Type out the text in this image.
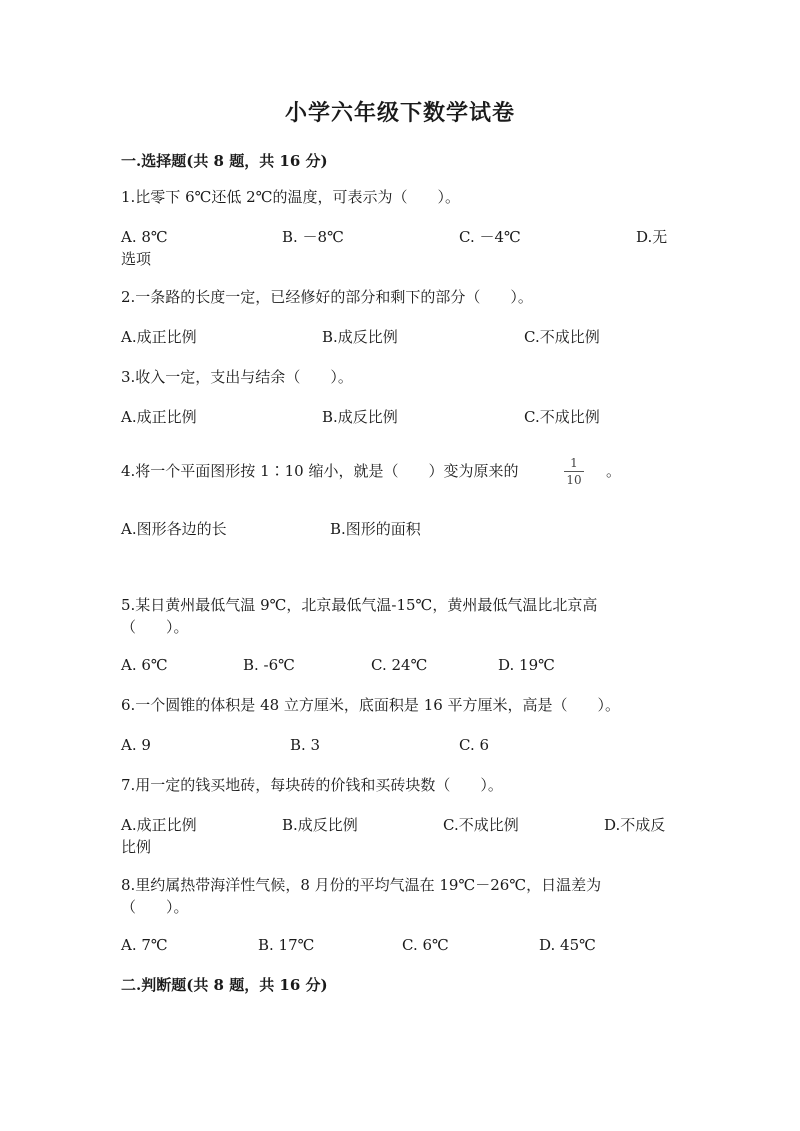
小学六年级下数学试卷
一.选择题(共 8 题，共 16 分)
1.比零下 6℃还低 2℃的温度，可表示为（　　）。
A. 8℃	B. －8℃	C. －4℃	D.无
选项
2.一条路的长度一定，已经修好的部分和剩下的部分（　　）。
A.成正比例	B.成反比例	C.不成比例
3.收入一定，支出与结余（　　）。
A.成正比例	B.成反比例	C.不成比例
4.将一个平面图形按 1∶10 缩小，就是（　　）变为原来的	1
10 。
A.图形各边的长	B.图形的面积
5.某日黄州最低气温 9℃，北京最低气温-15℃，黄州最低气温比北京高
（　　）。
A. 6℃	B. -6℃	C. 24℃	D. 19℃
6.一个圆锥的体积是 48 立方厘米，底面积是 16 平方厘米，高是（　　）。
A. 9	B. 3	C. 6
7.用一定的钱买地砖，每块砖的价钱和买砖块数（　　）。
A.成正比例	B.成反比例	C.不成比例	D.不成反
比例
8.里约属热带海洋性气候，8 月份的平均气温在 19℃－26℃，日温差为
（　　）。
A. 7℃	B. 17℃	C. 6℃	D. 45℃
二.判断题(共 8 题，共 16 分)
